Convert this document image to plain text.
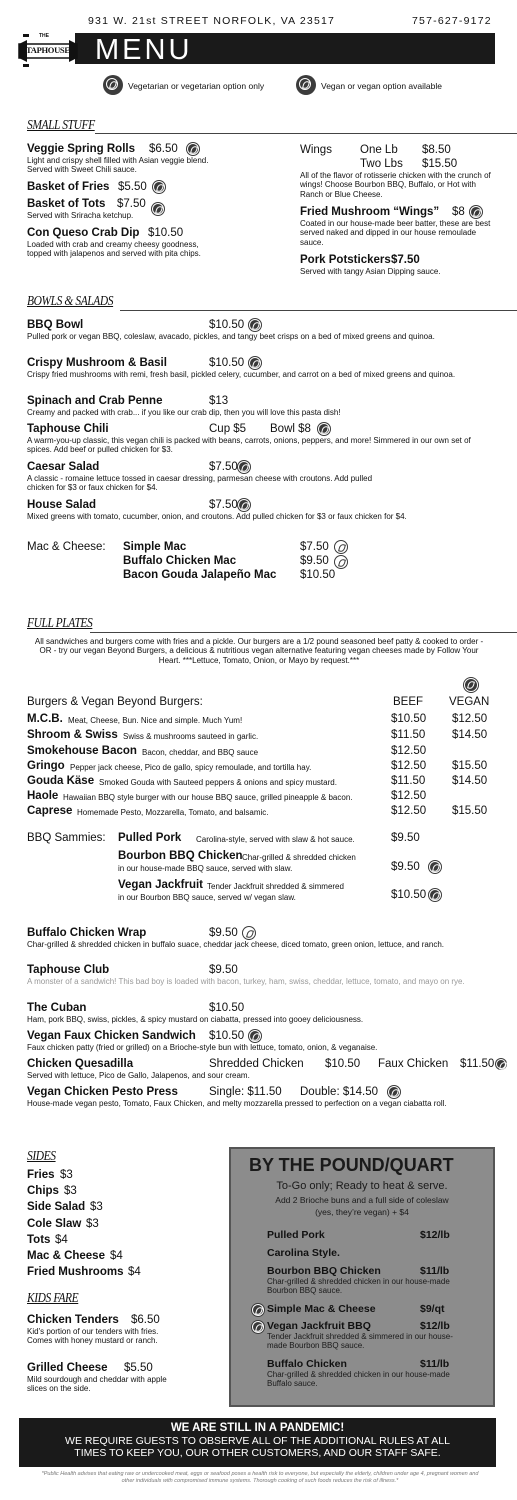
931 W. 21st STREET NORFOLK, VA 23517	757-627-9172
MENU
THE
TAPHOUSE
Vegetarian or vegetarian option only	Vegan or vegan option available
SMALL STUFF
Veggie Spring Rolls $6.50
Light and crispy shell filled with Asian veggie blend. Served with Sweet Chili sauce.
Basket of Fries $5.50
Basket of Tots $7.50
Served with Sriracha ketchup.
Con Queso Crab Dip $10.50
Loaded with crab and creamy cheesy goodness, topped with jalapenos and served with pita chips.
Wings One Lb $8.50
Two Lbs $15.50
All of the flavor of rotisserie chicken with the crunch of wings! Choose Bourbon BBQ, Buffalo, or Hot with Ranch or Blue Cheese.
Fried Mushroom “Wings” $8
Coated in our house-made beer batter, these are best served naked and dipped in our house remoulade sauce.
Pork Potstickers $7.50
Served with tangy Asian Dipping sauce.
BOWLS & SALADS
BBQ Bowl	$10.50
Pulled pork or vegan BBQ, coleslaw, avacado, pickles, and tangy beet crisps on a bed of mixed greens and quinoa.
Crispy Mushroom & Basil	$10.50
Crispy fried mushrooms with remi, fresh basil, pickled celery, cucumber, and carrot on a bed of mixed greens and quinoa.
Spinach and Crab Penne	$13
Creamy and packed with crab... if you like our crab dip, then you will love this pasta dish!
Taphouse Chili	Cup $5 Bowl $8
A warm-you-up classic, this vegan chili is packed with beans, carrots, onions, peppers, and more! Simmered in our own set of spices. Add beef or pulled chicken for $3.
Caesar Salad	$7.50
A classic - romaine lettuce tossed in caesar dressing, parmesan cheese with croutons. Add pulled chicken for $3 or faux chicken for $4.
House Salad	$7.50
Mixed greens with tomato, cucumber, onion, and croutons. Add pulled chicken for $3 or faux chicken for $4.
Mac & Cheese: Simple Mac	$7.50
Buffalo Chicken Mac	$9.50
Bacon Gouda Jalapeño Mac $10.50
FULL PLATES
All sandwiches and burgers come with fries and a pickle. Our burgers are a 1/2 pound seasoned beef patty & cooked to order - OR - try our vegan Beyond Burgers, a delicious & nutritious vegan alternative featuring vegan cheeses made by Follow Your Heart. ***Lettuce, Tomato, Onion, or Mayo by request.***
Burgers & Vegan Beyond Burgers:	BEEF VEGAN
M.C.B. Meat, Cheese, Bun. Nice and simple. Much Yum!	$10.50 $12.50
Shroom & Swiss Swiss & mushrooms sauteed in garlic.	$11.50 $14.50
Smokehouse Bacon Bacon, cheddar, and BBQ sauce	$12.50
Gringo Pepper jack cheese, Pico de gallo, spicy remoulade, and tortilla hay.	$12.50 $15.50
Gouda Käse Smoked Gouda with Sauteed peppers & onions and spicy mustard.	$11.50 $14.50
Haole Hawaiian BBQ style burger with our house BBQ sauce, grilled pineapple & bacon.	$12.50
Caprese Homemade Pesto, Mozzarella, Tomato, and balsamic.	$12.50 $15.50
BBQ Sammies: Pulled Pork Carolina-style, served with slaw & hot sauce.	$9.50
Bourbon BBQ Chicken Char-grilled & shredded chicken
in our house-made BBQ sauce, served with slaw.	$9.50
Vegan Jackfruit Tender Jackfruit shredded & simmered
in our Bourbon BBQ sauce, served w/ vegan slaw.	$10.50
Buffalo Chicken Wrap	$9.50
Char-grilled & shredded chicken in buffalo suace, cheddar jack cheese, diced tomato, green onion, lettuce, and ranch.
Taphouse Club	$9.50
A monster of a sandwich! This bad boy is loaded with bacon, turkey, ham, swiss, cheddar, lettuce, tomato, and mayo on rye.
The Cuban	$10.50
Ham, pork BBQ, swiss, pickles, & spicy mustard on ciabatta, pressed into gooey deliciousness.
Vegan Faux Chicken Sandwich $10.50
Faux chicken patty (fried or grilled) on a Brioche-style bun with lettuce, tomato, onion, & veganaise.
Chicken Quesadilla	Shredded Chicken $10.50 Faux Chicken $11.50
Served with lettuce, Pico de Gallo, Jalapenos, and sour cream.
Vegan Chicken Pesto Press	Single: $11.50 Double: $14.50
House-made vegan pesto, Tomato, Faux Chicken, and melty mozzarella pressed to perfection on a vegan ciabatta roll.
SIDES
Fries $3
Chips $3
Side Salad $3
Cole Slaw $3
Tots $4
Mac & Cheese $4
Fried Mushrooms $4
KIDS FARE
Chicken Tenders $6.50
Kid's portion of our tenders with fries. Comes with honey mustard or ranch.
Grilled Cheese $5.50
Mild sourdough and cheddar with apple slices on the side.
BY THE POUND/QUART
To-Go only; Ready to heat & serve.
Add 2 Brioche buns and a full side of coleslaw
(yes, they’re vegan) + $4
Pulled Pork	$12/lb
Carolina Style.
Bourbon BBQ Chicken	$11/lb
Char-grilled & shredded chicken in our house-made Bourbon BBQ sauce.
Simple Mac & Cheese	$9/qt
Vegan Jackfruit BBQ	$12/lb
Tender Jackfruit shredded & simmered in our house-made Bourbon BBQ sauce.
Buffalo Chicken	$11/lb
Char-grilled & shredded chicken in our house-made Buffalo sauce.
WE ARE STILL IN A PANDEMIC!
WE REQUIRE GUESTS TO OBSERVE ALL OF THE ADDITIONAL RULES AT ALL
TIMES TO KEEP YOU, OUR OTHER CUSTOMERS, AND OUR STAFF SAFE.
*Public Health advises that eating raw or undercooked meat, eggs or seafood poses a health risk to everyone, but especially the elderly, children under age 4, pregnant women and other individuals with compromised immune systems. Thorough cooking of such foods reduces the risk of illness.*
